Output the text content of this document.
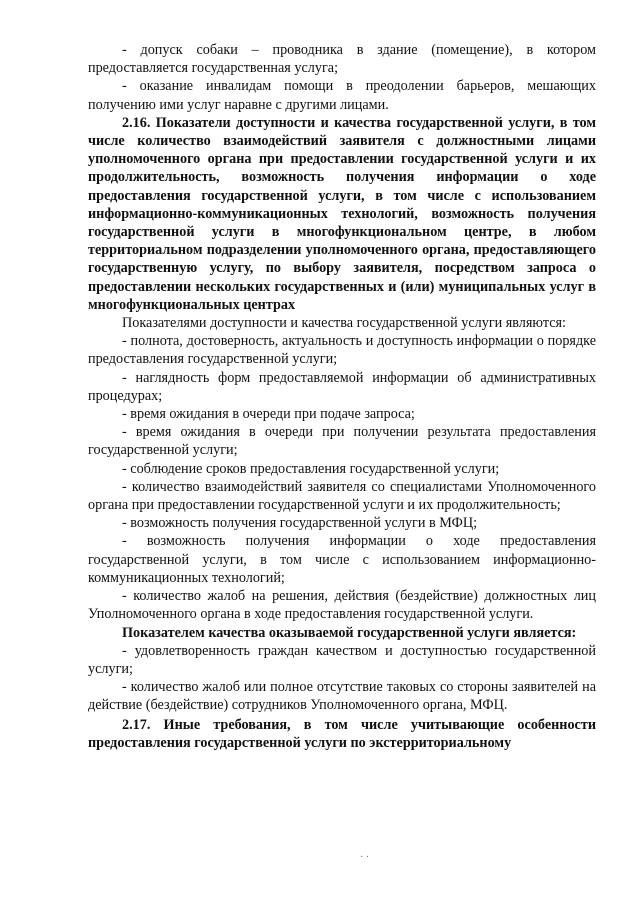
- допуск собаки – проводника в здание (помещение), в котором предоставляется государственная услуга;

- оказание инвалидам помощи в преодолении барьеров, мешающих получению ими услуг наравне с другими лицами.

2.16. Показатели доступности и качества государственной услуги, в том числе количество взаимодействий заявителя с должностными лицами уполномоченного органа при предоставлении государственной услуги и их продолжительность, возможность получения информации о ходе предоставления государственной услуги, в том числе с использованием информационно-коммуникационных технологий, возможность получения государственной услуги в многофункциональном центре, в любом территориальном подразделении уполномоченного органа, предоставляющего государственную услугу, по выбору заявителя, посредством запроса о предоставлении нескольких государственных и (или) муниципальных услуг в многофункциональных центрах

Показателями доступности и качества государственной услуги являются:

- полнота, достоверность, актуальность и доступность информации о порядке предоставления государственной услуги;

- наглядность форм предоставляемой информации об административных процедурах;

- время ожидания в очереди при подаче запроса;

- время ожидания в очереди при получении результата предоставления государственной услуги;

- соблюдение сроков предоставления государственной услуги;

- количество взаимодействий заявителя со специалистами Уполномоченного органа при предоставлении государственной услуги и их продолжительность;

- возможность получения государственной услуги в МФЦ;

- возможность получения информации о ходе предоставления государственной услуги, в том числе с использованием информационно-коммуникационных технологий;

- количество жалоб на решения, действия (бездействие) должностных лиц Уполномоченного органа в ходе предоставления государственной услуги.

Показателем качества оказываемой государственной услуги является:

- удовлетворенность граждан качеством и доступностью государственной услуги;

- количество жалоб или полное отсутствие таковых со стороны заявителей на действие (бездействие) сотрудников Уполномоченного органа, МФЦ.

2.17. Иные требования, в том числе учитывающие особенности предоставления государственной услуги по экстерриториальному

· ·
